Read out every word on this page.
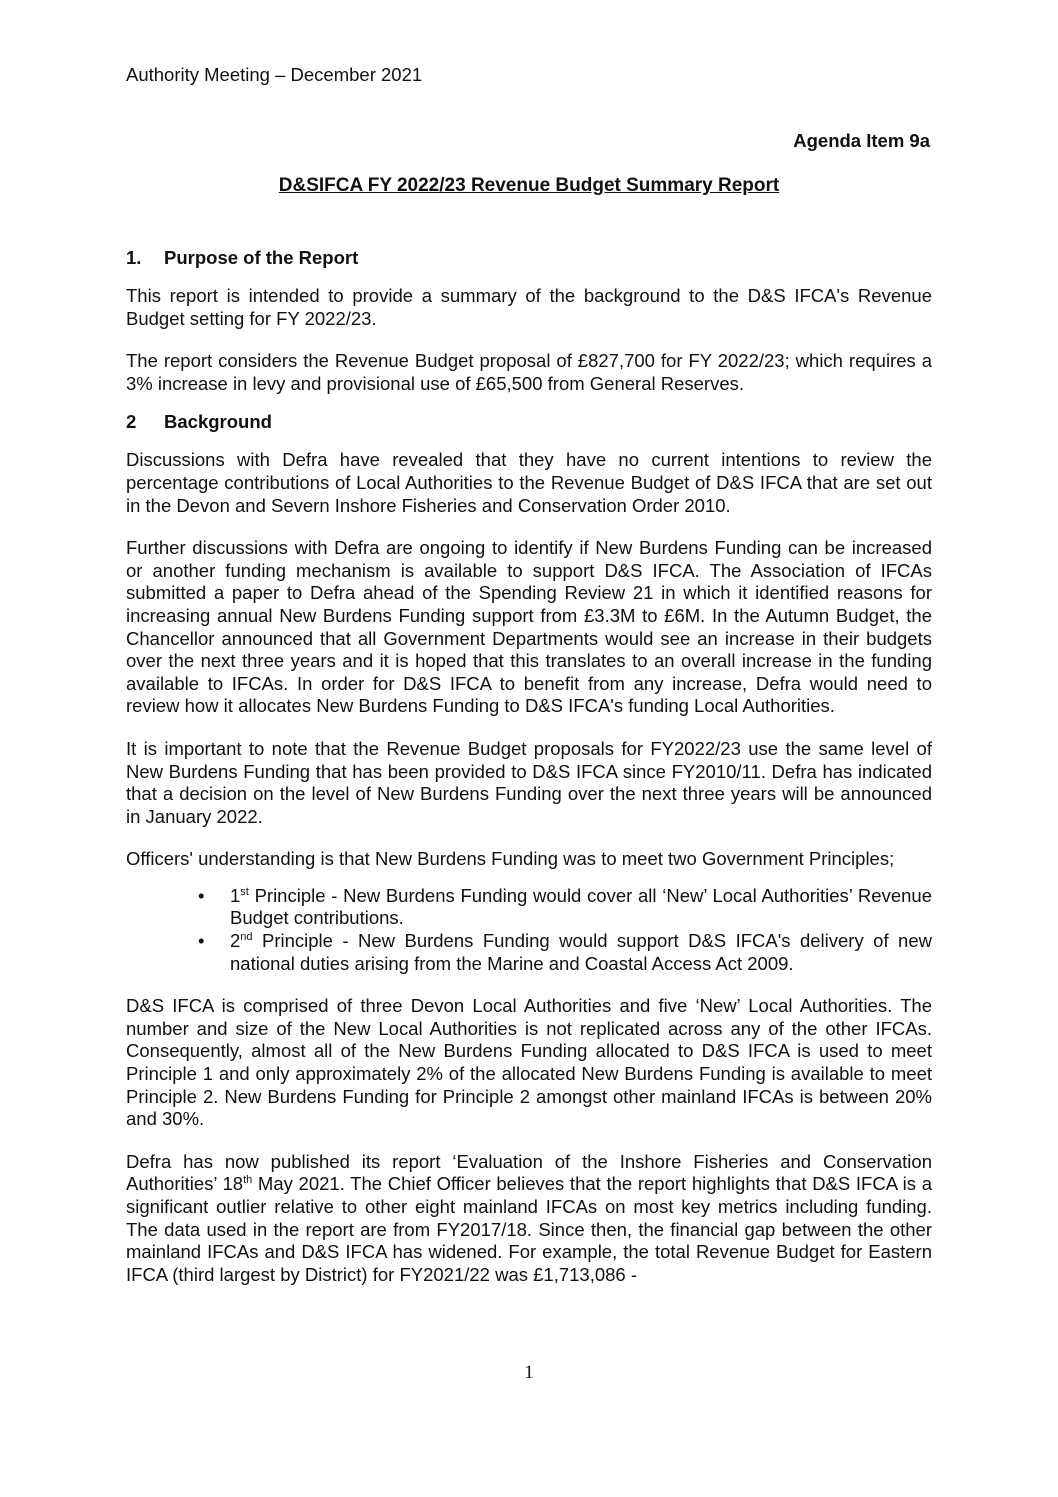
Authority Meeting – December 2021
Agenda Item 9a
D&SIFCA FY 2022/23 Revenue Budget Summary Report
1.	Purpose of the Report

This report is intended to provide a summary of the background to the D&S IFCA's Revenue Budget setting for FY 2022/23.

The report considers the Revenue Budget proposal of £827,700 for FY 2022/23; which requires a 3% increase in levy and provisional use of £65,500 from General Reserves.

2	Background

Discussions with Defra have revealed that they have no current intentions to review the percentage contributions of Local Authorities to the Revenue Budget of D&S IFCA that are set out in the Devon and Severn Inshore Fisheries and Conservation Order 2010.

Further discussions with Defra are ongoing to identify if New Burdens Funding can be increased or another funding mechanism is available to support D&S IFCA. The Association of IFCAs submitted a paper to Defra ahead of the Spending Review 21 in which it identified reasons for increasing annual New Burdens Funding support from £3.3M to £6M. In the Autumn Budget, the Chancellor announced that all Government Departments would see an increase in their budgets over the next three years and it is hoped that this translates to an overall increase in the funding available to IFCAs. In order for D&S IFCA to benefit from any increase, Defra would need to review how it allocates New Burdens Funding to D&S IFCA's funding Local Authorities.

It is important to note that the Revenue Budget proposals for FY2022/23 use the same level of New Burdens Funding that has been provided to D&S IFCA since FY2010/11. Defra has indicated that a decision on the level of New Burdens Funding over the next three years will be announced in January 2022.

Officers' understanding is that New Burdens Funding was to meet two Government Principles;

• 1st Principle - New Burdens Funding would cover all ‘New’ Local Authorities’ Revenue Budget contributions.
• 2nd Principle - New Burdens Funding would support D&S IFCA's delivery of new national duties arising from the Marine and Coastal Access Act 2009.

D&S IFCA is comprised of three Devon Local Authorities and five ‘New’ Local Authorities. The number and size of the New Local Authorities is not replicated across any of the other IFCAs. Consequently, almost all of the New Burdens Funding allocated to D&S IFCA is used to meet Principle 1 and only approximately 2% of the allocated New Burdens Funding is available to meet Principle 2. New Burdens Funding for Principle 2 amongst other mainland IFCAs is between 20% and 30%.

Defra has now published its report ‘Evaluation of the Inshore Fisheries and Conservation Authorities’ 18th May 2021. The Chief Officer believes that the report highlights that D&S IFCA is a significant outlier relative to other eight mainland IFCAs on most key metrics including funding. The data used in the report are from FY2017/18. Since then, the financial gap between the other mainland IFCAs and D&S IFCA has widened. For example, the total Revenue Budget for Eastern IFCA (third largest by District) for FY2021/22 was £1,713,086 -

1
